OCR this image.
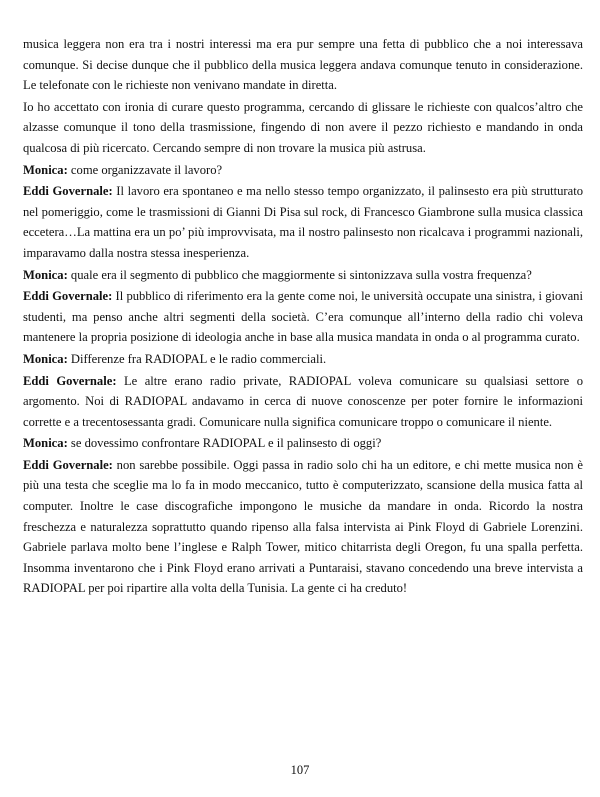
musica leggera non era tra i nostri interessi ma era pur sempre una fetta di pubblico che a noi interessava comunque. Si decise dunque che il pubblico della musica leggera andava comunque tenuto in considerazione. Le telefonate con le richieste non venivano mandate in diretta.

Io ho accettato con ironia di curare questo programma, cercando di glissare le richieste con qualcos’altro che alzasse comunque il tono della trasmissione, fingendo di non avere il pezzo richiesto e mandando in onda qualcosa di più ricercato. Cercando sempre di non trovare la musica più astrusa.

Monica: come organizzavate il lavoro?

Eddi Governale: Il lavoro era spontaneo e ma nello stesso tempo organizzato, il palinsesto era più strutturato nel pomeriggio, come le trasmissioni di Gianni Di Pisa sul rock, di Francesco Giambrone sulla musica classica eccetera…La mattina era un po’ più improvvisata, ma il nostro palinsesto non ricalcava i programmi nazionali, imparavamo dalla nostra stessa inesperienza.

Monica: quale era il segmento di pubblico che maggiormente si sintonizzava sulla vostra frequenza?

Eddi Governale: Il pubblico di riferimento era la gente come noi, le università occupate una sinistra, i giovani studenti, ma penso anche altri segmenti della società. C’era comunque all’interno della radio chi voleva mantenere la propria posizione di ideologia anche in base alla musica mandata in onda o al programma curato.

Monica: Differenze fra RADIOPAL e le radio commerciali.

Eddi Governale: Le altre erano radio private, RADIOPAL voleva comunicare su qualsiasi settore o argomento. Noi di RADIOPAL andavamo in cerca di nuove conoscenze per poter fornire le informazioni corrette e a trecentosessanta gradi. Comunicare nulla significa comunicare troppo o comunicare il niente.

Monica: se dovessimo confrontare RADIOPAL e il palinsesto di oggi?

Eddi Governale: non sarebbe possibile. Oggi passa in radio solo chi ha un editore, e chi mette musica non è più una testa che sceglie ma lo fa in modo meccanico, tutto è computerizzato, scansione della musica fatta al computer. Inoltre le case discografiche impongono le musiche da mandare in onda. Ricordo la nostra freschezza e naturalezza soprattutto quando ripenso alla falsa intervista ai Pink Floyd di Gabriele Lorenzini. Gabriele parlava molto bene l’inglese e Ralph Tower, mitico chitarrista degli Oregon, fu una spalla perfetta. Insomma inventarono che i Pink Floyd erano arrivati a Puntaraisi, stavano concedendo una breve intervista a RADIOPAL per poi ripartire alla volta della Tunisia. La gente ci ha creduto!

107
